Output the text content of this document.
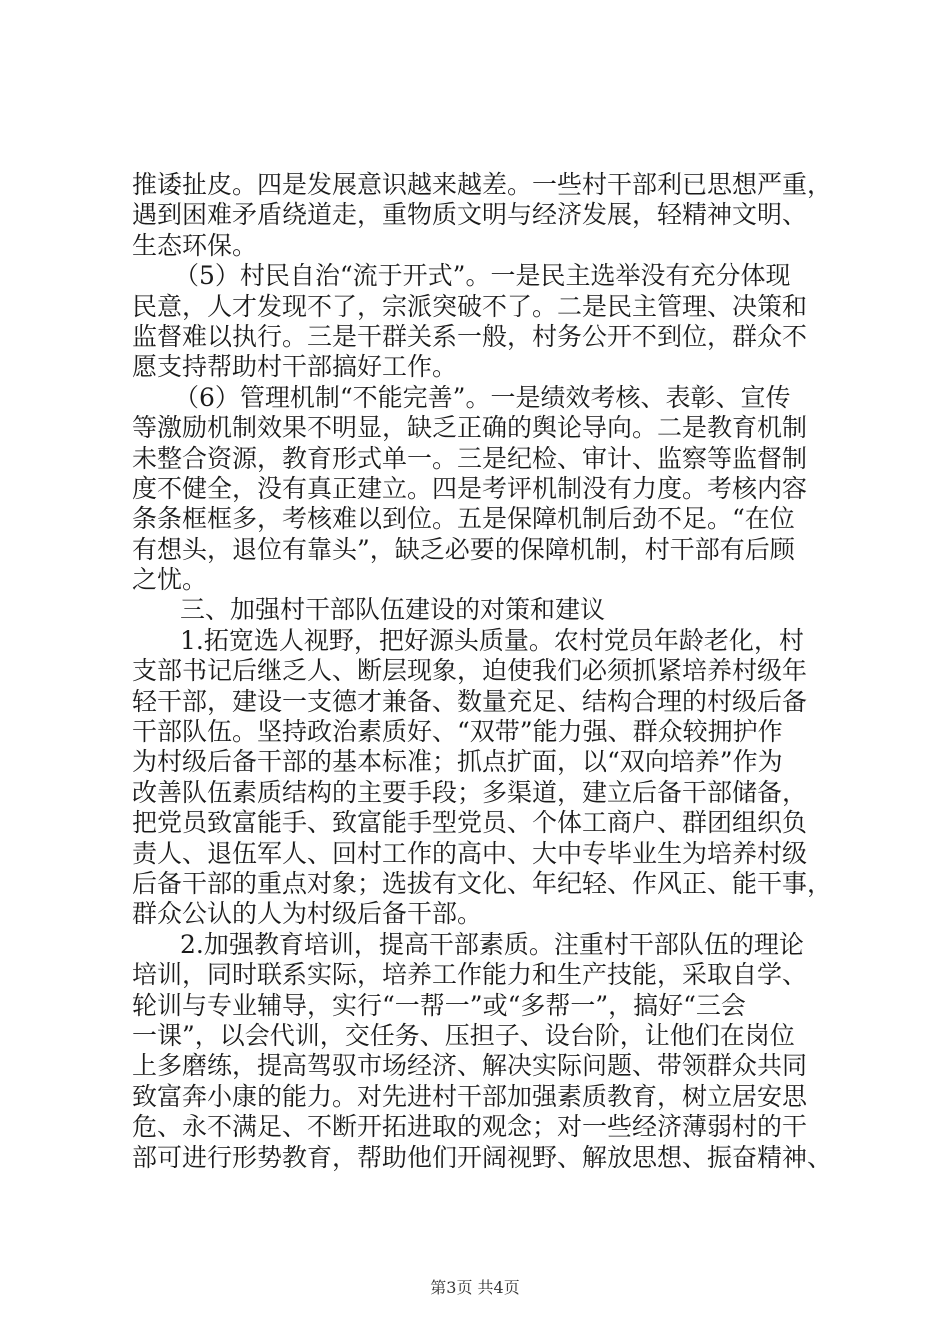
推诿扯皮。四是发展意识越来越差。一些村干部利已思想严重，
遇到困难矛盾绕道走，重物质文明与经济发展，轻精神文明、
生态环保。
（5）村民自治“流于开式”。一是民主选举没有充分体现
民意，人才发现不了，宗派突破不了。二是民主管理、决策和
监督难以执行。三是干群关系一般，村务公开不到位，群众不
愿支持帮助村干部搞好工作。
（6）管理机制“不能完善”。一是绩效考核、表彰、宣传
等激励机制效果不明显，缺乏正确的舆论导向。二是教育机制
未整合资源，教育形式单一。三是纪检、审计、监察等监督制
度不健全，没有真正建立。四是考评机制没有力度。考核内容
条条框框多，考核难以到位。五是保障机制后劲不足。“在位
有想头，退位有靠头”，缺乏必要的保障机制，村干部有后顾
之忧。
三、加强村干部队伍建设的对策和建议
1.拓宽选人视野，把好源头质量。农村党员年龄老化，村
支部书记后继乏人、断层现象，迫使我们必须抓紧培养村级年
轻干部，建设一支德才兼备、数量充足、结构合理的村级后备
干部队伍。坚持政治素质好、“双带”能力强、群众较拥护作
为村级后备干部的基本标准；抓点扩面，以“双向培养”作为
改善队伍素质结构的主要手段；多渠道，建立后备干部储备，
把党员致富能手、致富能手型党员、个体工商户、群团组织负
责人、退伍军人、回村工作的高中、大中专毕业生为培养村级
后备干部的重点对象；选拔有文化、年纪轻、作风正、能干事，
群众公认的人为村级后备干部。
2.加强教育培训，提高干部素质。注重村干部队伍的理论
培训，同时联系实际，培养工作能力和生产技能，采取自学、
轮训与专业辅导，实行“一帮一”或“多帮一”，搞好“三会
一课”，以会代训，交任务、压担子、设台阶，让他们在岗位
上多磨练，提高驾驭市场经济、解决实际问题、带领群众共同
致富奔小康的能力。对先进村干部加强素质教育，树立居安思
危、永不满足、不断开拓进取的观念；对一些经济薄弱村的干
部可进行形势教育，帮助他们开阔视野、解放思想、振奋精神、
第3页 共4页
